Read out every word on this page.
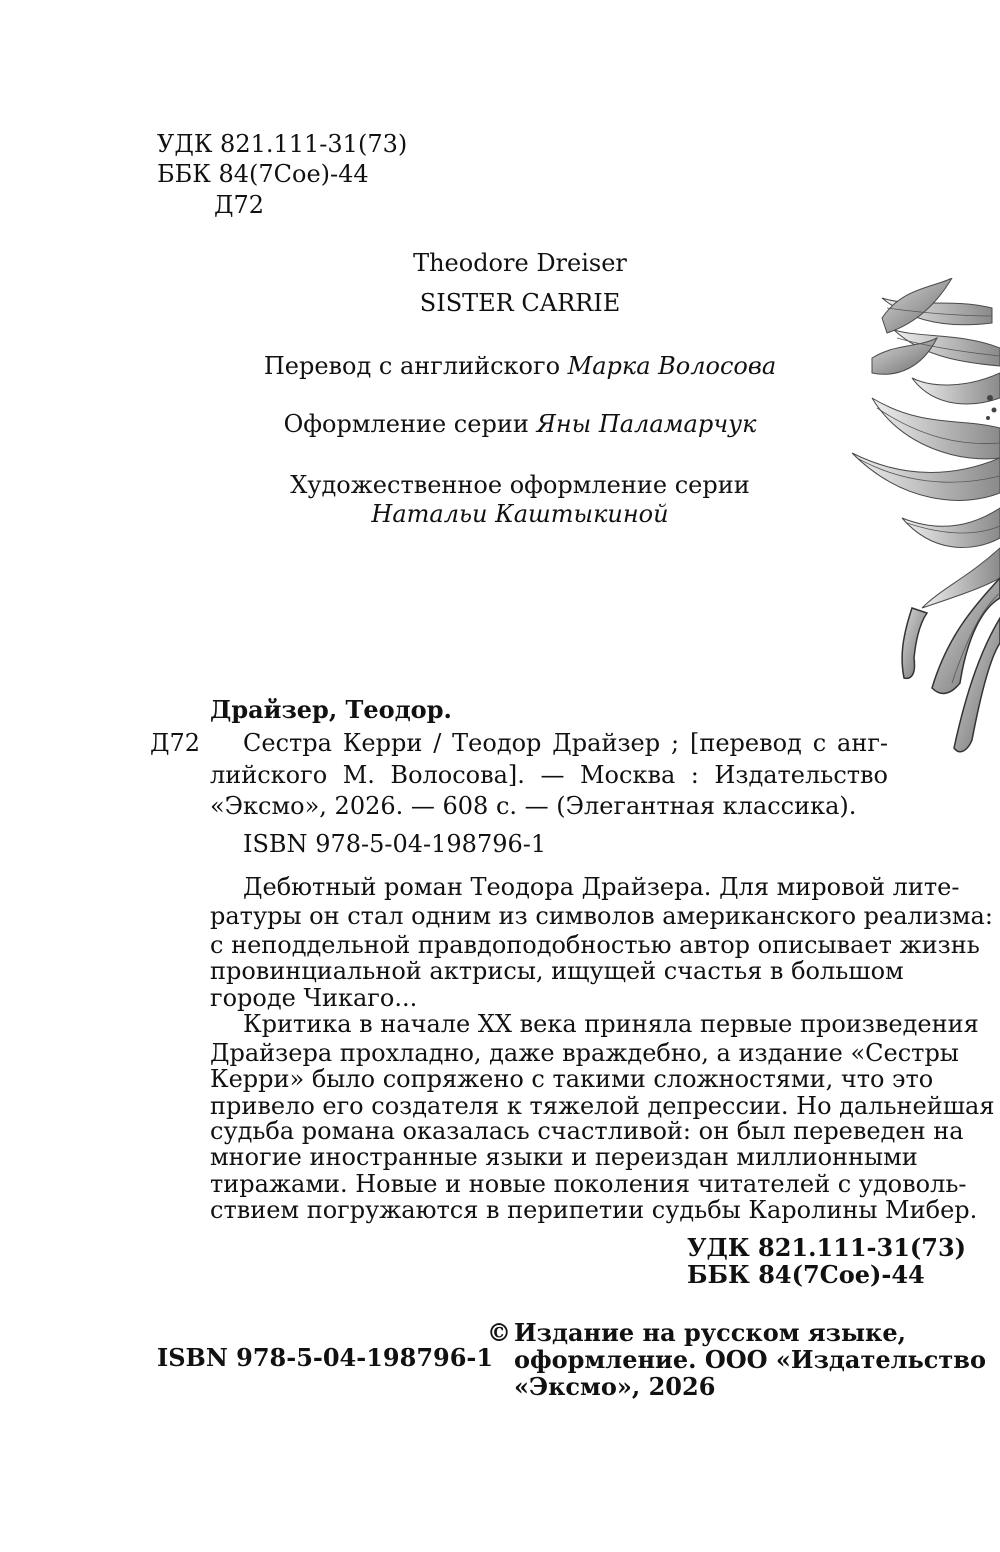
УДК 821.111-31(73)
ББК 84(7Сое)-44
Д72
Theodore Dreiser
SISTER CARRIE
Перевод с английского Марка Волосова
Оформление серии Яны Паламарчук
Художественное оформление серии
Натальи Каштыкиной
Драйзер, Теодор.
Д72 Сестра Керри / Теодор Драйзер ; [перевод с анг-
лийского М. Волосова]. — Москва : Издательство
«Эксмо», 2026. — 608 с. — (Элегантная классика).
ISBN 978-5-04-198796-1
Дебютный роман Теодора Драйзера. Для мировой лите-
ратуры он стал одним из символов американского реализма:
с неподдельной правдоподобностью автор описывает жизнь
провинциальной актрисы, ищущей счастья в большом
городе Чикаго...
Критика в начале XX века приняла первые произведения
Драйзера прохладно, даже враждебно, а издание «Сестры
Керри» было сопряжено с такими сложностями, что это
привело его создателя к тяжелой депрессии. Но дальнейшая
судьба романа оказалась счастливой: он был переведен на
многие иностранные языки и переиздан миллионными
тиражами. Новые и новые поколения читателей с удоволь-
ствием погружаются в перипетии судьбы Каролины Мибер.
УДК 821.111-31(73)
ББК 84(7Сое)-44
ISBN 978-5-04-198796-1
© Издание на русском языке,
оформление. ООО «Издательство
«Эксмо», 2026
